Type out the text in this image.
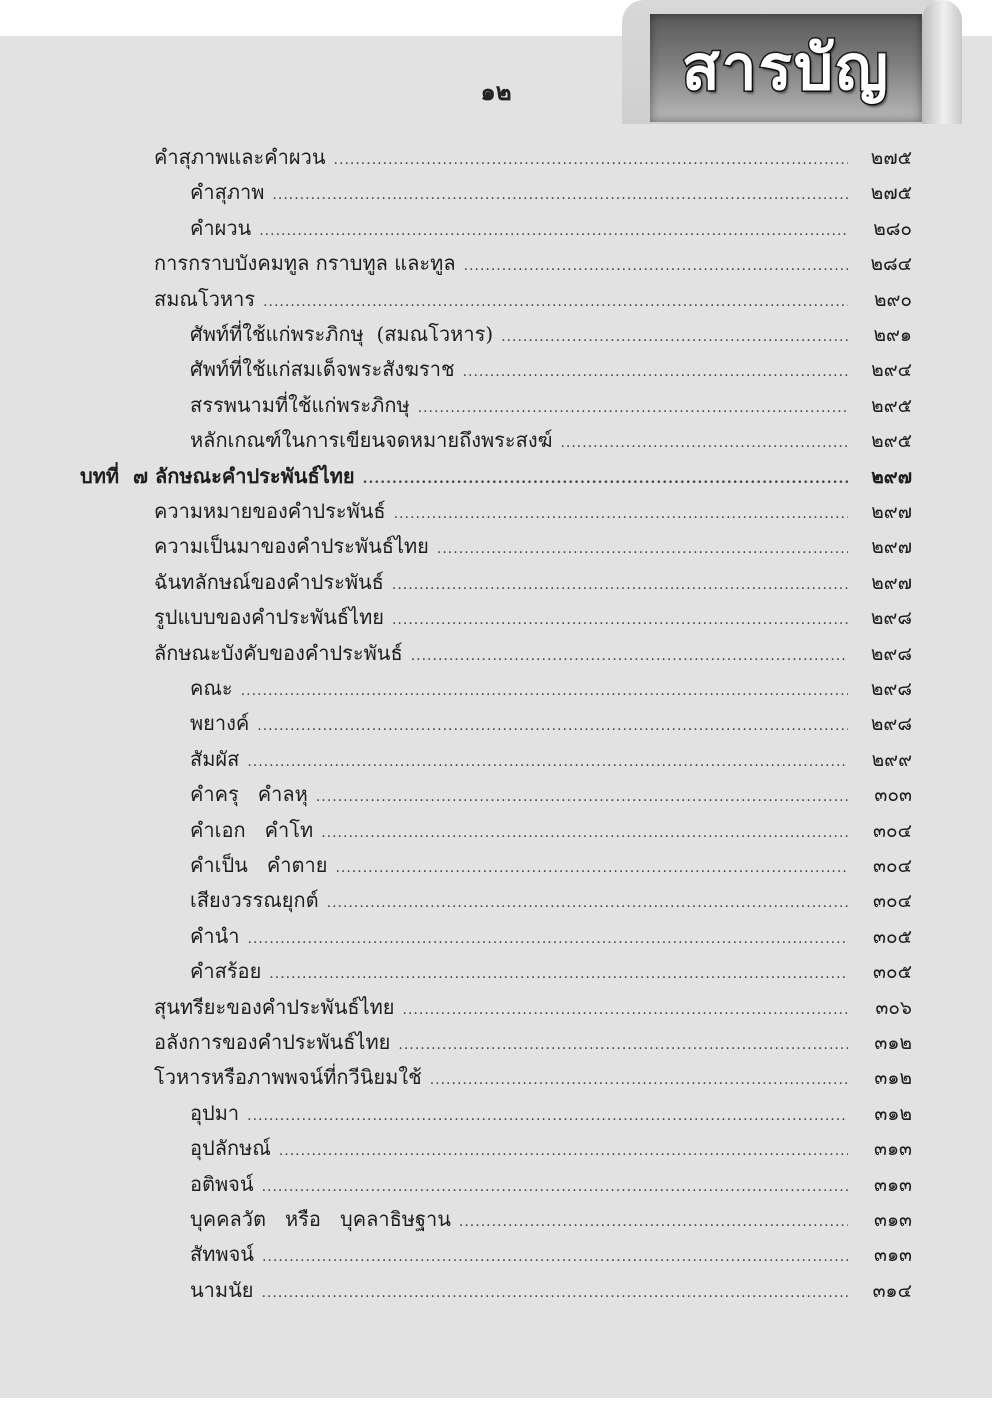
สารบัญ
๑๒
คำสุภาพและคำผวน .....	๒๗๕
คำสุภาพ .....	๒๗๕
คำผวน .....	๒๘๐
การกราบบังคมทูล กราบทูล และทูล .....	๒๘๔
สมณโวหาร .....	๒๙๐
ศัพท์ที่ใช้แก่พระภิกษุ  (สมณโวหาร) .....	๒๙๑
ศัพท์ที่ใช้แก่สมเด็จพระสังฆราช .....	๒๙๔
สรรพนามที่ใช้แก่พระภิกษุ .....	๒๙๕
หลักเกณฑ์ในการเขียนจดหมายถึงพระสงฆ์ .....	๒๙๕
บทที่  ๗ ลักษณะคำประพันธ์ไทย .....	๒๙๗
ความหมายของคำประพันธ์ .....	๒๙๗
ความเป็นมาของคำประพันธ์ไทย .....	๒๙๗
ฉันทลักษณ์ของคำประพันธ์ .....	๒๙๗
รูปแบบของคำประพันธ์ไทย .....	๒๙๘
ลักษณะบังคับของคำประพันธ์ .....	๒๙๘
คณะ .....	๒๙๘
พยางค์ .....	๒๙๘
สัมผัส .....	๒๙๙
คำครุ   คำลหุ .....	๓๐๓
คำเอก   คำโท .....	๓๐๔
คำเป็น   คำตาย .....	๓๐๔
เสียงวรรณยุกต์ .....	๓๐๔
คำนำ .....	๓๐๕
คำสร้อย .....	๓๐๕
สุนทรียะของคำประพันธ์ไทย .....	๓๐๖
อลังการของคำประพันธ์ไทย .....	๓๑๒
โวหารหรือภาพพจน์ที่กวีนิยมใช้ .....	๓๑๒
อุปมา .....	๓๑๒
อุปลักษณ์ .....	๓๑๓
อติพจน์ .....	๓๑๓
บุคคลวัต   หรือ   บุคลาธิษฐาน .....	๓๑๓
สัทพจน์ .....	๓๑๓
นามนัย .....	๓๑๔
